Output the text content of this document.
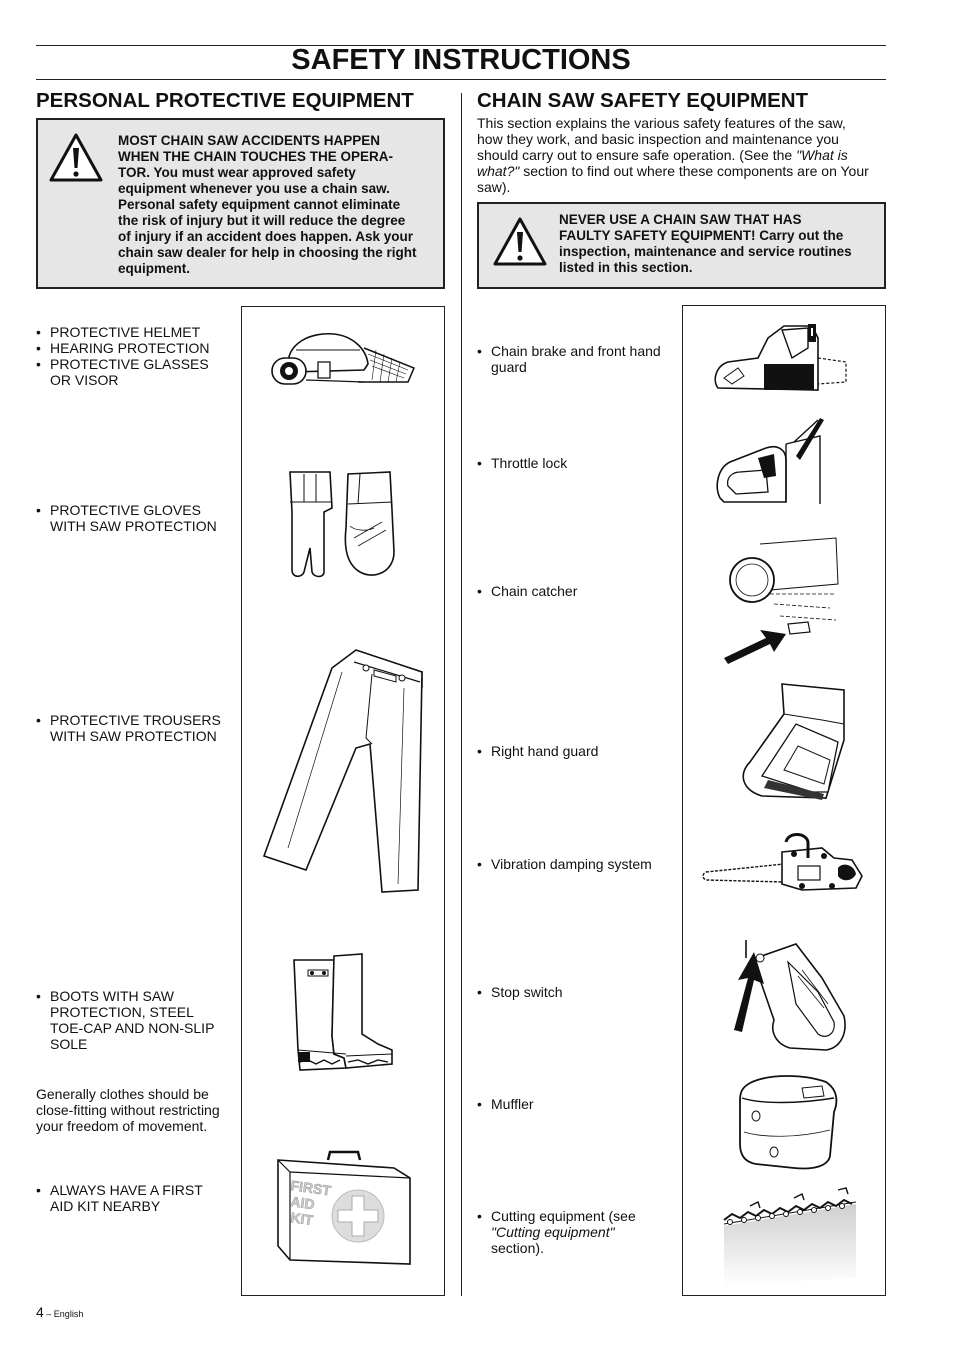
SAFETY INSTRUCTIONS
PERSONAL PROTECTIVE EQUIPMENT
MOST CHAIN SAW ACCIDENTS HAPPEN
WHEN THE CHAIN TOUCHES THE OPERA-
TOR. You must wear approved safety
equipment whenever you use a chain saw.
Personal safety equipment cannot eliminate
the risk of injury but it will reduce the degree
of injury if an accident does happen. Ask your
chain saw dealer for help in choosing the right
equipment.
• PROTECTIVE HELMET
• HEARING PROTECTION
• PROTECTIVE GLASSES
OR VISOR
• PROTECTIVE GLOVES
WITH SAW PROTECTION
• PROTECTIVE TROUSERS
WITH SAW PROTECTION
• BOOTS WITH SAW
PROTECTION, STEEL
TOE-CAP AND NON-SLIP
SOLE
Generally clothes should be
close-fitting without restricting
your freedom of movement.
• ALWAYS HAVE A FIRST
AID KIT NEARBY
FIRST
AID
KIT
CHAIN SAW SAFETY EQUIPMENT
This section explains the various safety features of the saw,
how they work, and basic inspection and maintenance you
should carry out to ensure safe operation. (See the "What is
what?" section to find out where these components are on Your
saw).
NEVER USE A CHAIN SAW THAT HAS
FAULTY SAFETY EQUIPMENT! Carry out the
inspection, maintenance and service routines
listed in this section.
• Chain brake and front hand
guard
• Throttle lock
• Chain catcher
• Right hand guard
• Vibration damping system
• Stop switch
• Muffler
• Cutting equipment (see
"Cutting equipment"
section).
4 – English
